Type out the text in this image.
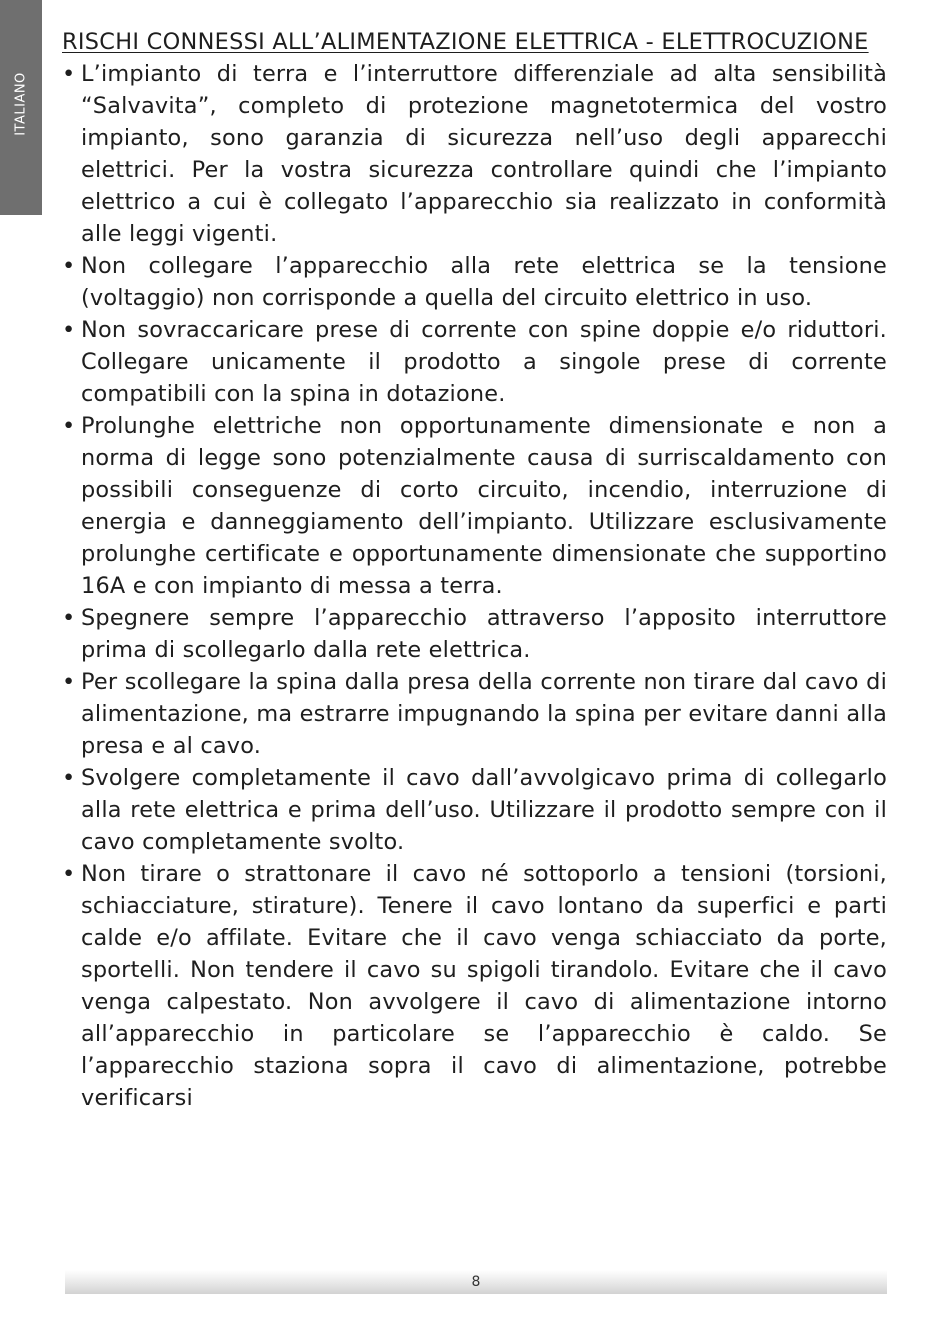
ITALIANO
RISCHI CONNESSI ALL’ALIMENTAZIONE ELETTRICA - ELETTROCUZIONE
• L’impianto di terra e l’interruttore differenziale ad alta sensibilità “Salvavita”, completo di protezione magnetotermica del vostro impianto, sono garanzia di sicurezza nell’uso degli apparecchi elettrici. Per la vostra sicurezza controllare quindi che l’impianto elettrico a cui è collegato l’apparecchio sia realizzato in conformità alle leggi vigenti.
• Non collegare l’apparecchio alla rete elettrica se la tensione (voltaggio) non corrisponde a quella del circuito elettrico in uso.
• Non sovraccaricare prese di corrente con spine doppie e/o riduttori. Collegare unicamente il prodotto a singole prese di corrente compatibili con la spina in dotazione.
• Prolunghe elettriche non opportunamente dimensionate e non a norma di legge sono potenzialmente causa di surriscaldamento con possibili conseguenze di corto circuito, incendio, interruzione di energia e danneggiamento dell’impianto. Utilizzare esclusivamente prolunghe certificate e opportunamente dimensionate che supportino 16A e con impianto di messa a terra.
• Spegnere sempre l’apparecchio attraverso l’apposito interruttore prima di scollegarlo dalla rete elettrica.
• Per scollegare la spina dalla presa della corrente non tirare dal cavo di alimentazione, ma estrarre impugnando la spina per evitare danni alla presa e al cavo.
• Svolgere completamente il cavo dall’avvolgicavo prima di collegarlo alla rete elettrica e prima dell’uso. Utilizzare il prodotto sempre con il cavo completamente svolto.
• Non tirare o strattonare il cavo né sottoporlo a tensioni (torsioni, schiacciature, stirature). Tenere il cavo lontano da superfici e parti calde e/o affilate. Evitare che il cavo venga schiacciato da porte, sportelli. Non tendere il cavo su spigoli tirandolo. Evitare che il cavo venga calpestato. Non avvolgere il cavo di alimentazione intorno all’apparecchio in particolare se l’apparecchio è caldo. Se l’apparecchio staziona sopra il cavo di alimentazione, potrebbe verificarsi
8
